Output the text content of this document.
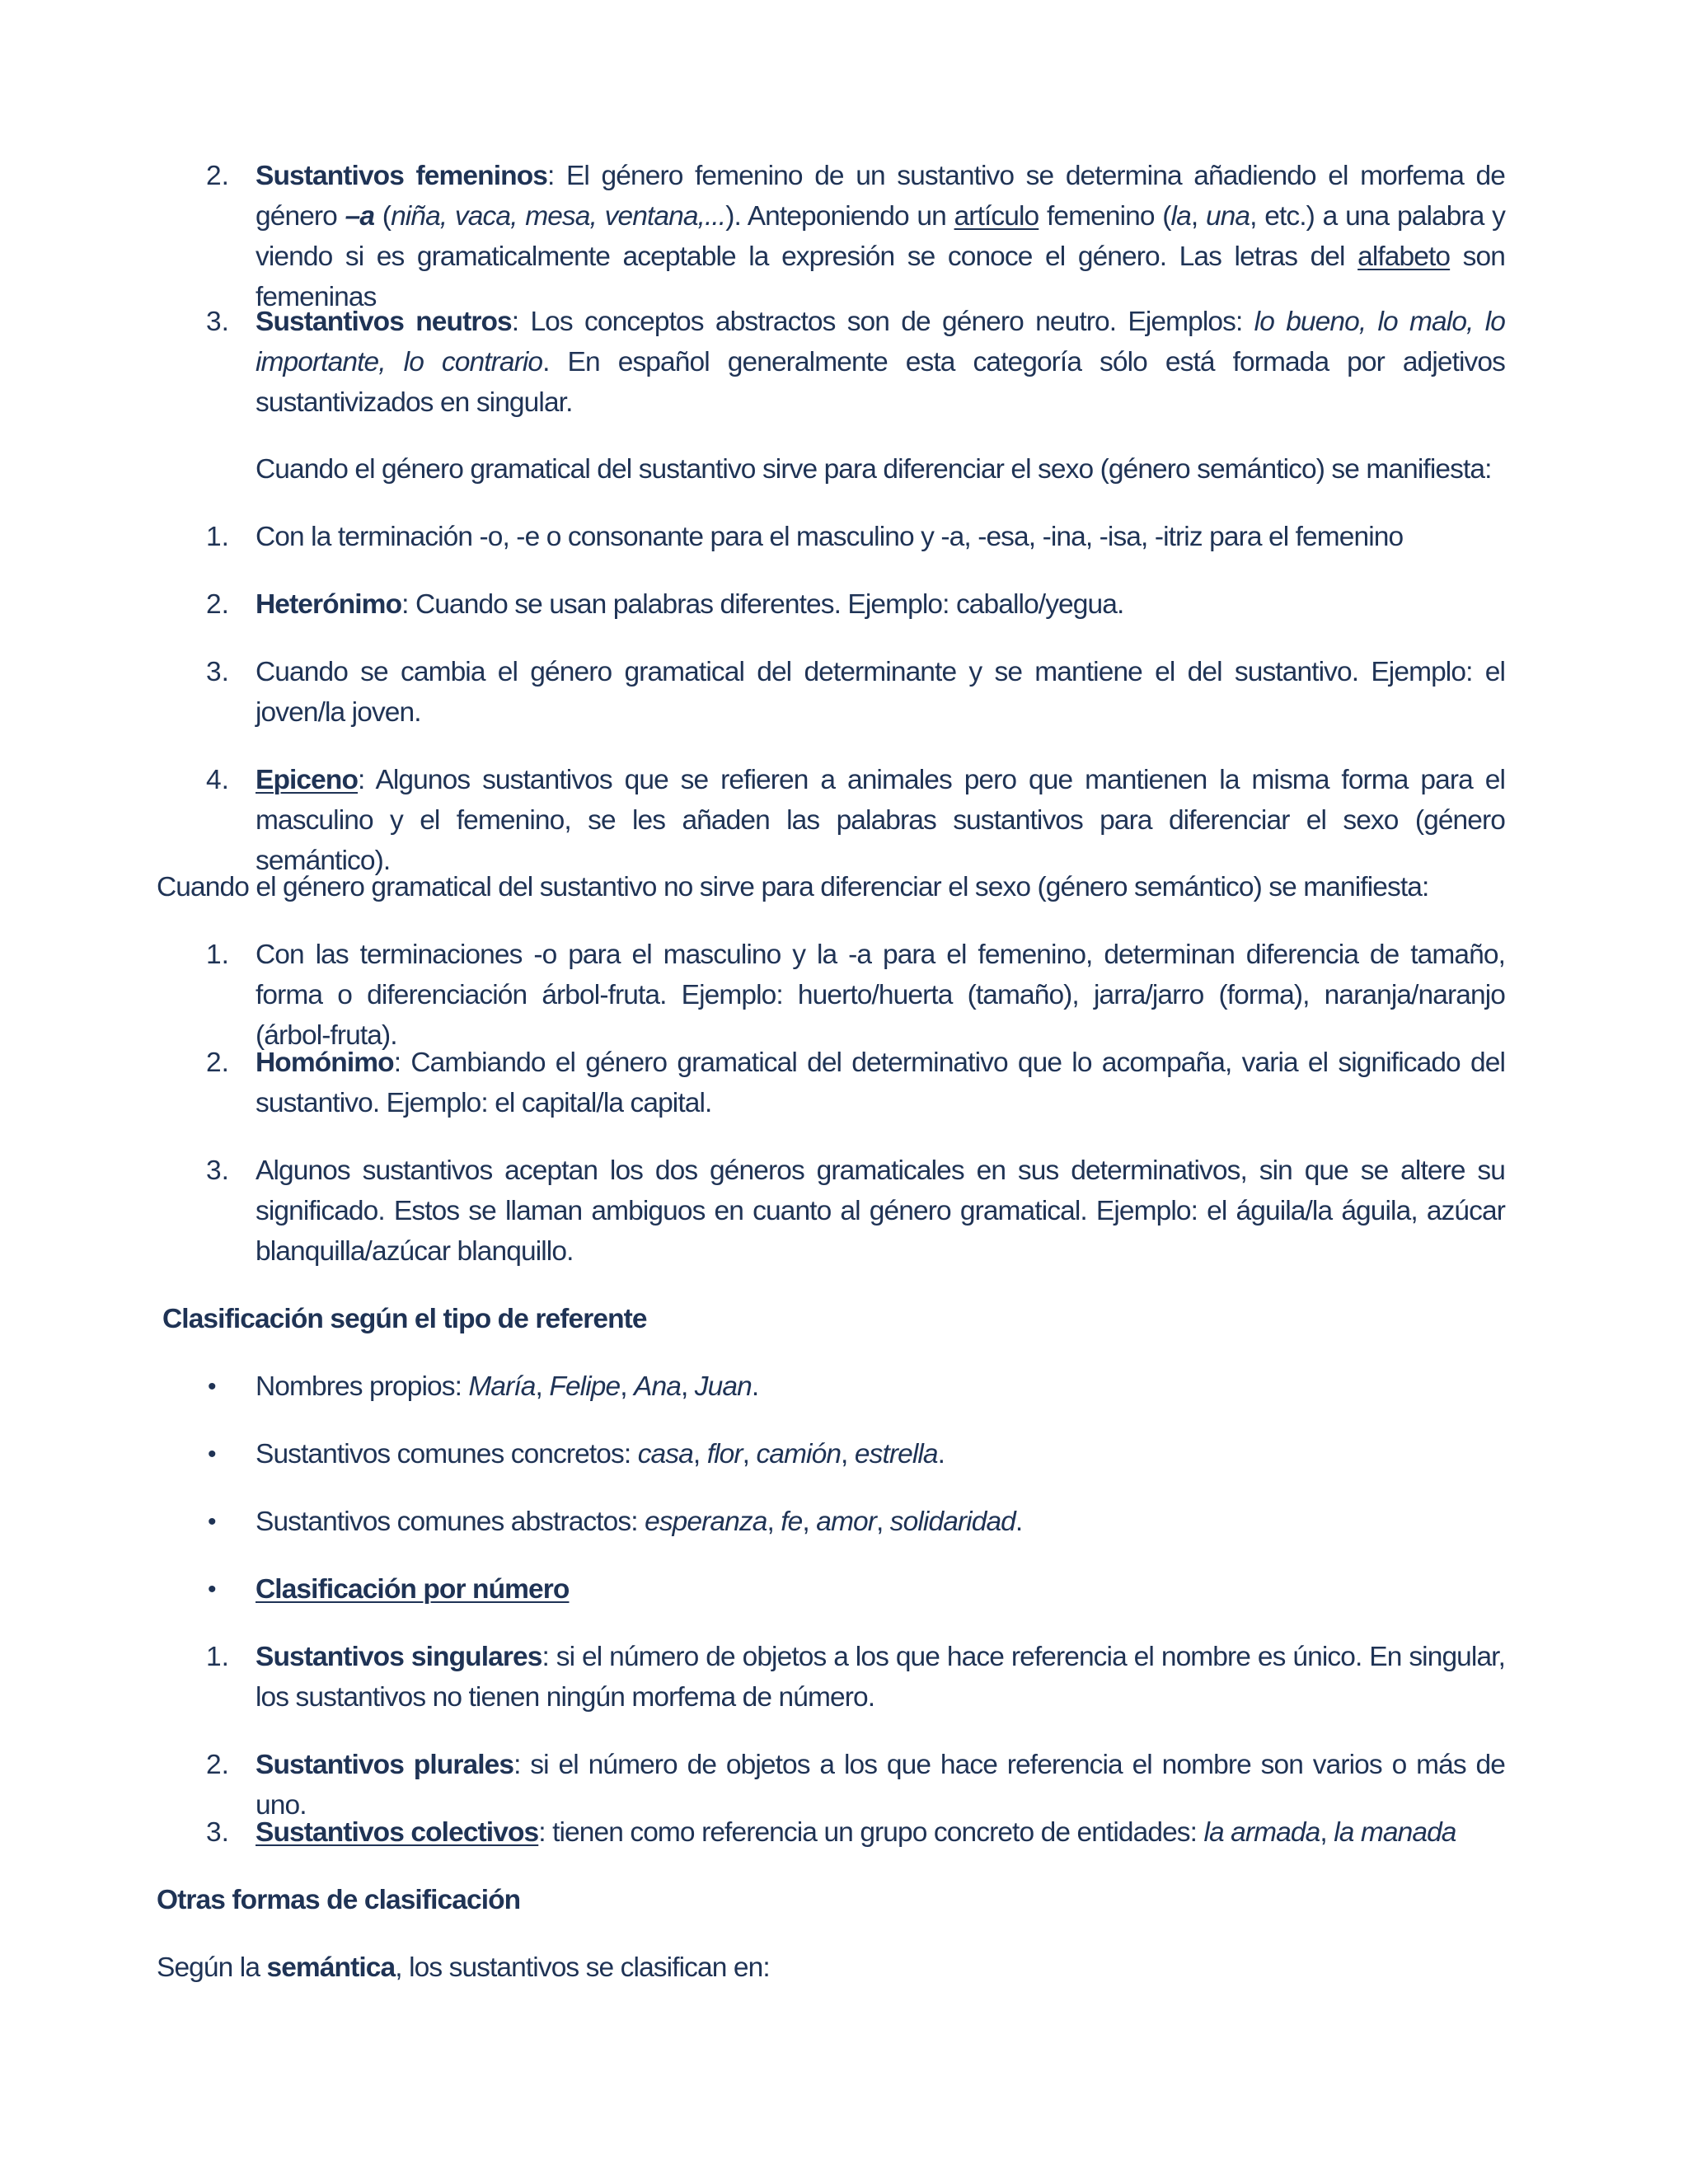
2. Sustantivos femeninos: El género femenino de un sustantivo se determina añadiendo el morfema de género –a (niña, vaca, mesa, ventana,...). Anteponiendo un artículo femenino (la, una, etc.) a una palabra y viendo si es gramaticalmente aceptable la expresión se conoce el género. Las letras del alfabeto son femeninas
3. Sustantivos neutros: Los conceptos abstractos son de género neutro. Ejemplos: lo bueno, lo malo, lo importante, lo contrario. En español generalmente esta categoría sólo está formada por adjetivos sustantivizados en singular.
Cuando el género gramatical del sustantivo sirve para diferenciar el sexo (género semántico) se manifiesta:
1. Con la terminación -o, -e o consonante para el masculino y -a, -esa, -ina, -isa, -itriz para el femenino
2. Heterónimo: Cuando se usan palabras diferentes. Ejemplo: caballo/yegua.
3. Cuando se cambia el género gramatical del determinante y se mantiene el del sustantivo. Ejemplo: el joven/la joven.
4. Epiceno: Algunos sustantivos que se refieren a animales pero que mantienen la misma forma para el masculino y el femenino, se les añaden las palabras sustantivos para diferenciar el sexo (género semántico).
Cuando el género gramatical del sustantivo no sirve para diferenciar el sexo (género semántico) se manifiesta:
1. Con las terminaciones -o para el masculino y la -a para el femenino, determinan diferencia de tamaño, forma o diferenciación árbol-fruta. Ejemplo: huerto/huerta (tamaño), jarra/jarro (forma), naranja/naranjo (árbol-fruta).
2. Homónimo: Cambiando el género gramatical del determinativo que lo acompaña, varia el significado del sustantivo. Ejemplo: el capital/la capital.
3. Algunos sustantivos aceptan los dos géneros gramaticales en sus determinativos, sin que se altere su significado. Estos se llaman ambiguos en cuanto al género gramatical. Ejemplo: el águila/la águila, azúcar blanquilla/azúcar blanquillo.
Clasificación según el tipo de referente
• Nombres propios: María, Felipe, Ana, Juan.
• Sustantivos comunes concretos: casa, flor, camión, estrella.
• Sustantivos comunes abstractos: esperanza, fe, amor, solidaridad.
• Clasificación por número
1. Sustantivos singulares: si el número de objetos a los que hace referencia el nombre es único. En singular, los sustantivos no tienen ningún morfema de número.
2. Sustantivos plurales: si el número de objetos a los que hace referencia el nombre son varios o más de uno.
3. Sustantivos colectivos: tienen como referencia un grupo concreto de entidades: la armada, la manada
Otras formas de clasificación
Según la semántica, los sustantivos se clasifican en:
